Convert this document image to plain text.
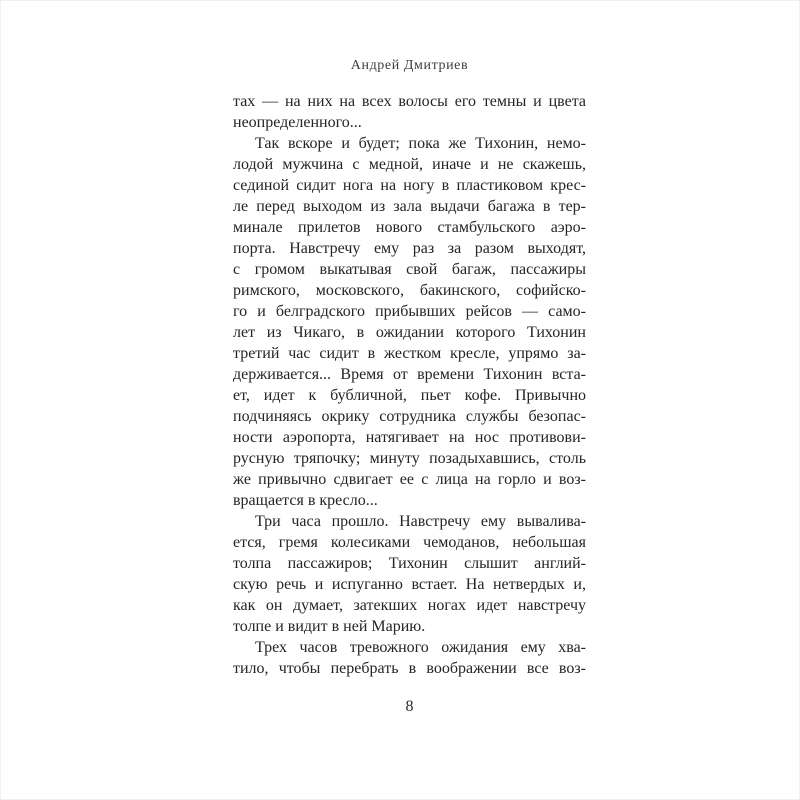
Андрей Дмитриев
тах — на них на всех волосы его темны и цвета
неопределенного...
Так вскоре и будет; пока же Тихонин, немо-
лодой мужчина с медной, иначе и не скажешь,
сединой сидит нога на ногу в пластиковом крес-
ле перед выходом из зала выдачи багажа в тер-
минале прилетов нового стамбульского аэро-
порта. Навстречу ему раз за разом выходят,
с громом выкатывая свой багаж, пассажиры
римского, московского, бакинского, софийско-
го и белградского прибывших рейсов — само-
лет из Чикаго, в ожидании которого Тихонин
третий час сидит в жестком кресле, упрямо за-
держивается... Время от времени Тихонин вста-
ет, идет к бубличной, пьет кофе. Привычно
подчиняясь окрику сотрудника службы безопас-
ности аэропорта, натягивает на нос противови-
русную тряпочку; минуту позадыхавшись, столь
же привычно сдвигает ее с лица на горло и воз-
вращается в кресло...
Три часа прошло. Навстречу ему вывалива-
ется, гремя колесиками чемоданов, небольшая
толпа пассажиров; Тихонин слышит англий-
скую речь и испуганно встает. На нетвердых и,
как он думает, затекших ногах идет навстречу
толпе и видит в ней Марию.
Трех часов тревожного ожидания ему хва-
тило, чтобы перебрать в воображении все воз-
8
